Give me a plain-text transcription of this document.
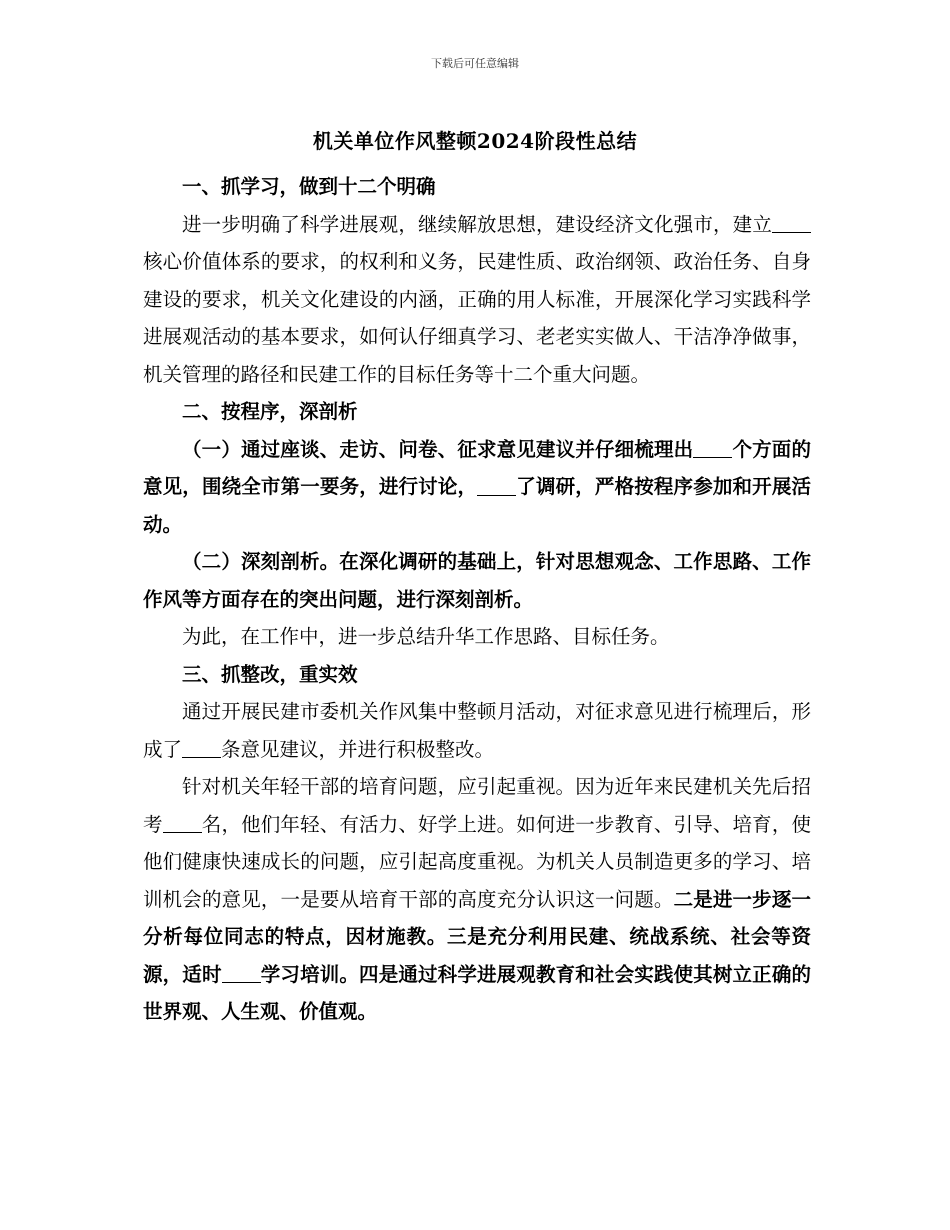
下载后可任意编辑
机关单位作风整顿2024阶段性总结

一、抓学习，做到十二个明确

进一步明确了科学进展观，继续解放思想，建设经济文化强市，建立核心价值体系的要求，的权利和义务，民建性质、政治纲领、政治任务、自身建设的要求，机关文化建设的内涵，正确的用人标准，开展深化学习实践科学进展观活动的基本要求，如何认仔细真学习、老老实实做人、干洁净净做事，机关管理的路径和民建工作的目标任务等十二个重大问题。

二、按程序，深剖析

（一）通过座谈、走访、问卷、征求意见建议并仔细梳理出 个方面的意见，围绕全市第一要务，进行讨论， 了调研，严格按程序参加和开展活动。

（二）深刻剖析。在深化调研的基础上，针对思想观念、工作思路、工作作风等方面存在的突出问题，进行深刻剖析。

为此，在工作中，进一步总结升华工作思路、目标任务。

三、抓整改，重实效

通过开展民建市委机关作风集中整顿月活动，对征求意见进行梳理后，形成了 条意见建议，并进行积极整改。

针对机关年轻干部的培育问题，应引起重视。因为近年来民建机关先后招考 名，他们年轻、有活力、好学上进。如何进一步教育、引导、培育，使他们健康快速成长的问题，应引起高度重视。为机关人员制造更多的学习、培训机会的意见，一是要从培育干部的高度充分认识这一问题。二是进一步逐一分析每位同志的特点，因材施教。三是充分利用民建、统战系统、社会等资源，适时 学习培训。四是通过科学进展观教育和社会实践使其树立正确的世界观、人生观、价值观。
